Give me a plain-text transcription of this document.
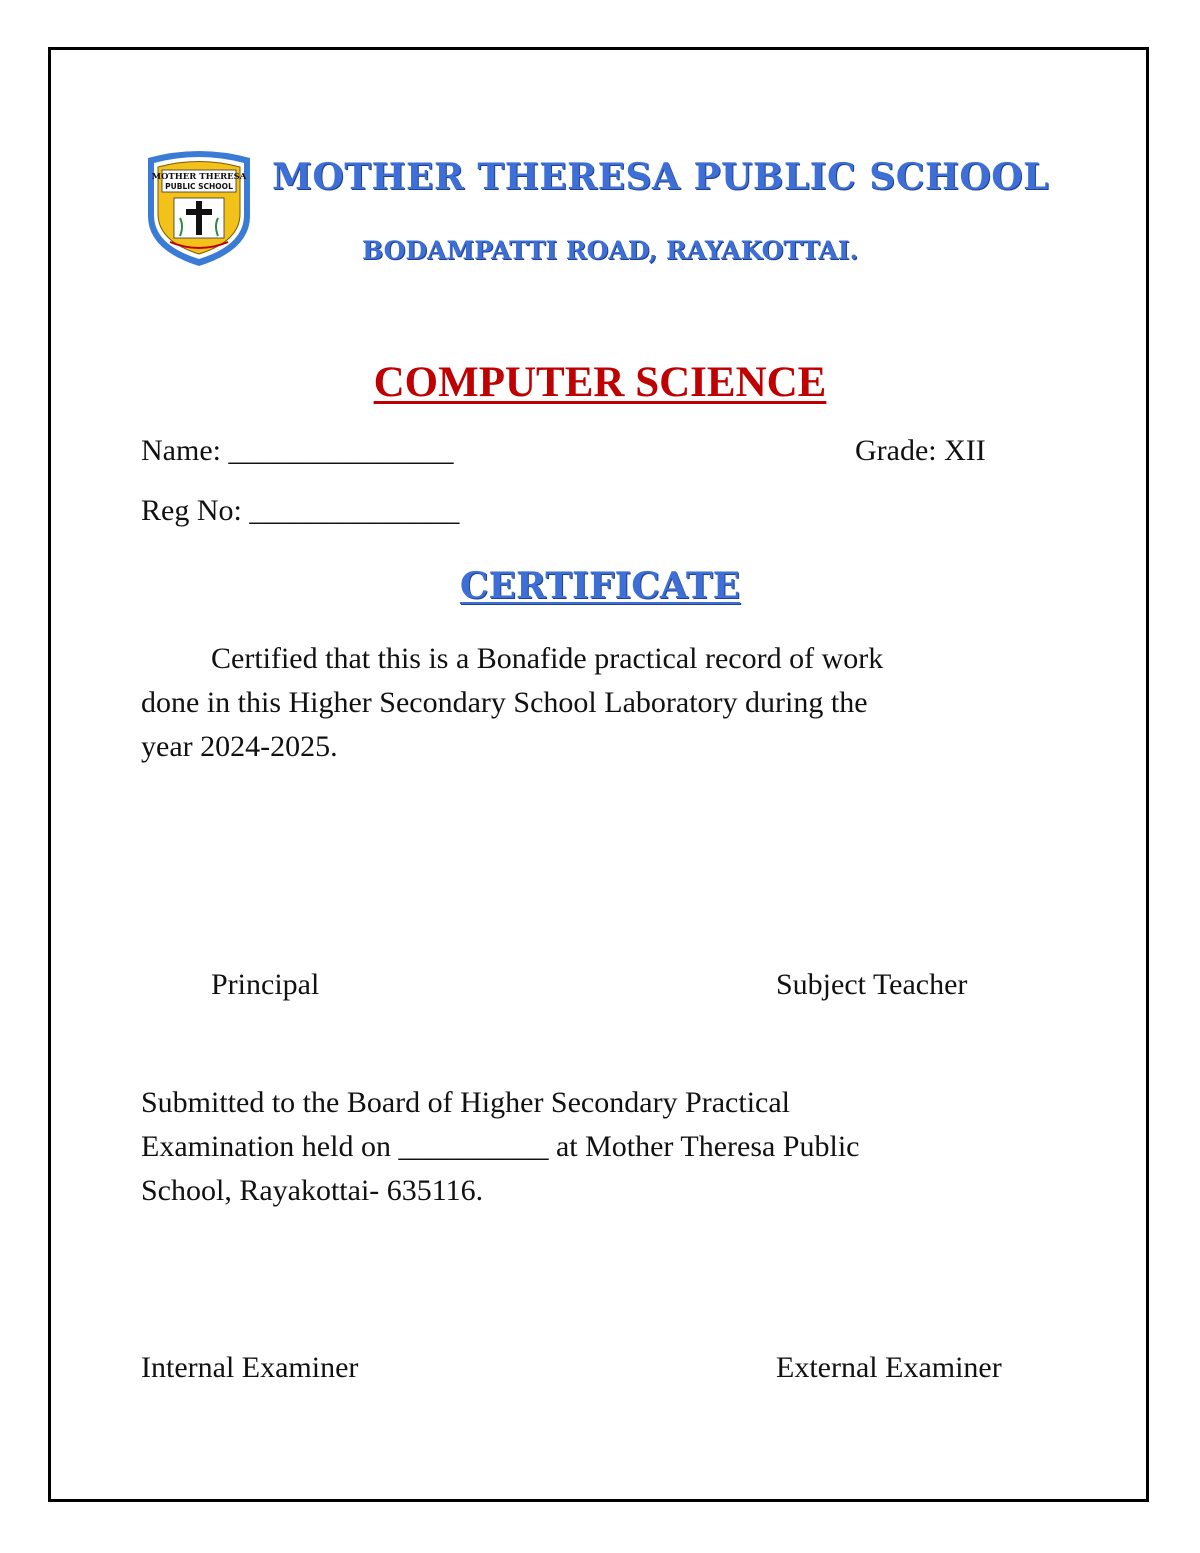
MOTHER THERESA
PUBLIC SCHOOL MOTHER THERESA PUBLIC SCHOOL
BODAMPATTI ROAD, RAYAKOTTAI.
COMPUTER SCIENCE
Name: _______________	Grade: XII
Reg No: ______________
CERTIFICATE
Certified that this is a Bonafide practical record of work
done in this Higher Secondary School Laboratory during the
year 2024-2025.
Principal	Subject Teacher
Submitted to the Board of Higher Secondary Practical
Examination held on __________ at Mother Theresa Public
School, Rayakottai- 635116.
Internal Examiner	External Examiner
